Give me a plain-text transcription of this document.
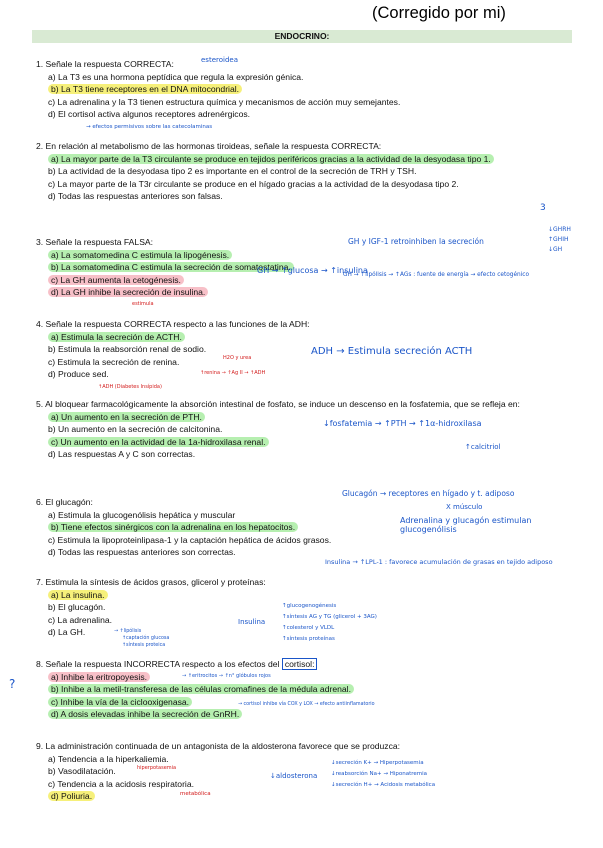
(Corregido por mi)
ENDOCRINO:
1. Señale la respuesta CORRECTA:
a) La T3 es una hormona peptídica que regula la expresión génica.
b) La T3 tiene receptores en el DNA mitocondrial.
c) La adrenalina y la T3 tienen estructura química y mecanismos de acción muy semejantes.
d) El cortisol activa algunos receptores adrenérgicos.
esteroidea
→ efectos permisivos sobre las catecolaminas
2. En relación al metabolismo de las hormonas tiroideas, señale la respuesta CORRECTA:
a) La mayor parte de la T3 circulante se produce en tejidos periféricos gracias a la actividad de la desyodasa tipo 1.
b) La actividad de la desyodasa tipo 2 es importante en el control de la secreción de TRH y TSH.
c) La mayor parte de la T3r circulante se produce en el hígado gracias a la actividad de la desyodasa tipo 2.
d) Todas las respuestas anteriores son falsas.
3
3. Señale la respuesta FALSA:
a) La somatomedina C estimula la lipogénesis.
b) La somatomedina C estimula la secreción de somatostatina.
c) La GH aumenta la cetogénesis.
d) La GH inhibe la secreción de insulina.
GH y IGF-1 retroinhiben la secreción
↓GHRH
↑GHIH
↓GH
GH → ↑lipólisis → ↑AGs : fuente de energía → efecto cetogénico
GH → ↑glucosa → ↑insulina
estimula
4. Señale la respuesta CORRECTA respecto a las funciones de la ADH:
a) Estimula la secreción de ACTH.
b) Estimula la reabsorción renal de sodio.
c) Estimula la secreción de renina.
d) Produce sed.
H2O y urea
↑renina → ↑Ag II → ↑ADH
↑ADH (Diabetes Insípida)
ADH → Estimula secreción ACTH
5. Al bloquear farmacológicamente la absorción intestinal de fosfato, se induce un descenso en la fosfatemia, que se refleja en:
a) Un aumento en la secreción de PTH.
b) Un aumento en la secreción de calcitonina.
c) Un aumento en la actividad de la 1a-hidroxilasa renal.
d) Las respuestas A y C son correctas.
↓fosfatemia → ↑PTH → ↑1α-hidroxilasa
↑calcitriol
6. El glucagón:
a) Estimula la glucogenólisis hepática y muscular
b) Tiene efectos sinérgicos con la adrenalina en los hepatocitos.
c) Estimula la lipoproteinlipasa-1 y la captación hepática de ácidos grasos.
d) Todas las respuestas anteriores son correctas.
Glucagón → receptores en hígado y t. adiposo
X músculo
Adrenalina y glucagón estimulan glucogenólisis
Insulina → ↑LPL-1 : favorece acumulación de grasas en tejido adiposo
7. Estimula la síntesis de ácidos grasos, glicerol y proteínas:
a) La insulina.
b) El glucagón.
c) La adrenalina.
d) La GH.
Insulina
↑glucogenogénesis
↑síntesis AG y TG (glicerol + 3AG)
↑colesterol y VLDL
↑síntesis proteínas
→ ↑lipólisis
↑captación glucosa
↑síntesis proteica
8. Señale la respuesta INCORRECTA respecto a los efectos del cortisol:
a) Inhibe la eritropoyesis.
b) Inhibe a la metil-transferesa de las células cromafines de la médula adrenal.
c) Inhibe la vía de la ciclooxigenasa.
d) A dosis elevadas inhibe la secreción de GnRH.
?
→ ↑eritrocitos → ↑n° glóbulos rojos
→ cortisol inhibe vía COX y LOX → efecto antiinflamatorio
9. La administración continuada de un antagonista de la aldosterona favorece que se produzca:
a) Tendencia a la hiperkaliemia.
b) Vasodilatación.
c) Tendencia a la acidosis respiratoria.
d) Poliuria.
hiperpotasemia
metabólica
↓aldosterona
↓secreción K+ → Hiperpotasemia
↓reabsorción Na+ → Hiponatremia
↓secreción H+ → Acidosis metabólica
